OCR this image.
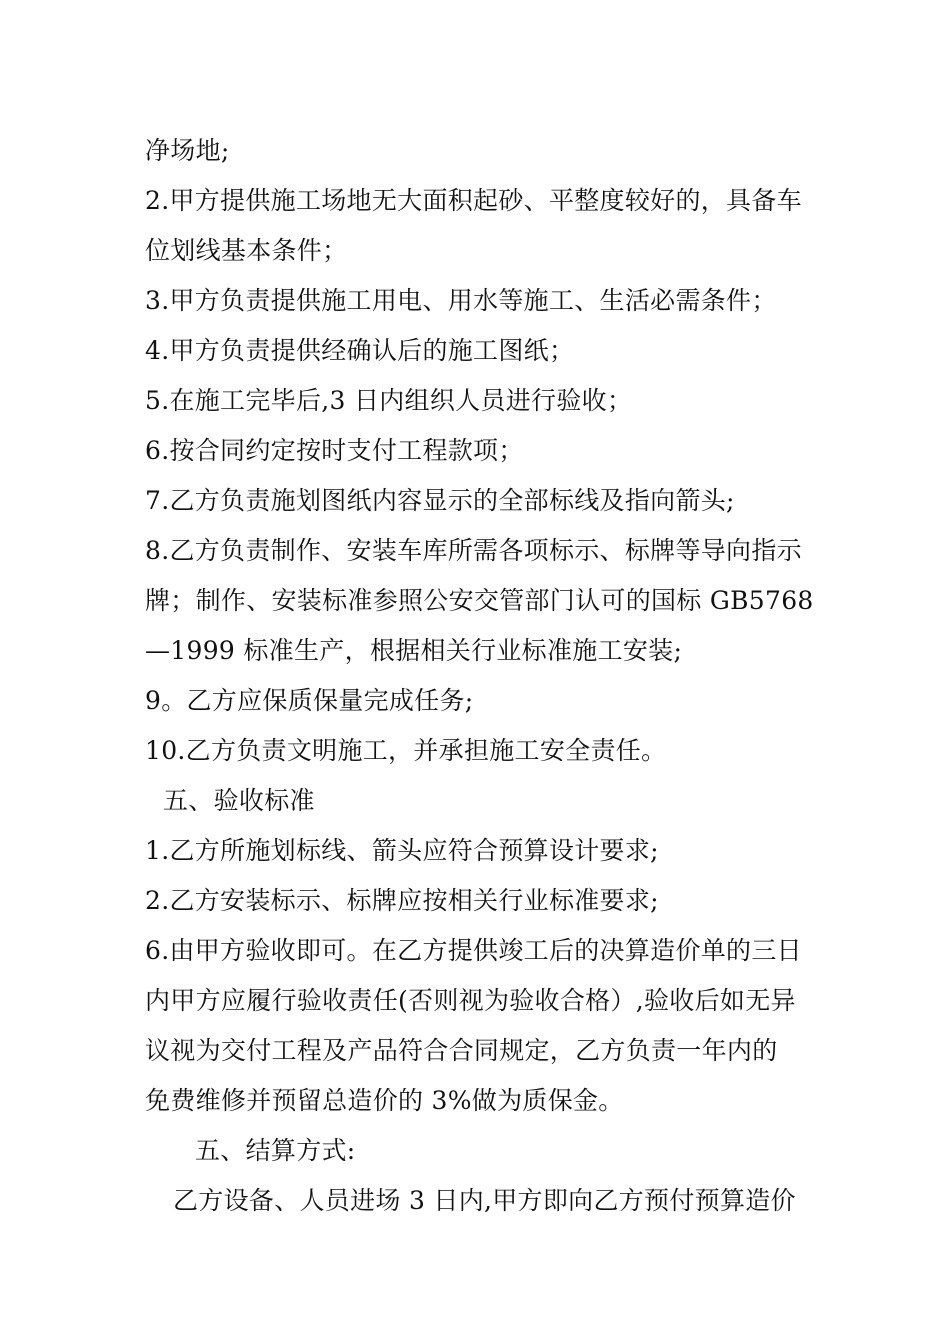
净场地;
2.甲方提供施工场地无大面积起砂、平整度较好的，具备车
位划线基本条件；
3.甲方负责提供施工用电、用水等施工、生活必需条件；
4.甲方负责提供经确认后的施工图纸；
5.在施工完毕后,3 日内组织人员进行验收；
6.按合同约定按时支付工程款项；
7.乙方负责施划图纸内容显示的全部标线及指向箭头;
8.乙方负责制作、安装车库所需各项标示、标牌等导向指示
牌；制作、安装标准参照公安交管部门认可的国标 GB5768
—1999 标准生产，根据相关行业标准施工安装;
9。乙方应保质保量完成任务;
10.乙方负责文明施工，并承担施工安全责任。
五、验收标准
1.乙方所施划标线、箭头应符合预算设计要求;
2.乙方安装标示、标牌应按相关行业标准要求;
6.由甲方验收即可。在乙方提供竣工后的决算造价单的三日
内甲方应履行验收责任(否则视为验收合格）,验收后如无异
议视为交付工程及产品符合合同规定，乙方负责一年内的
免费维修并预留总造价的 3%做为质保金。
五、结算方式:
乙方设备、人员进场 3 日内,甲方即向乙方预付预算造价
